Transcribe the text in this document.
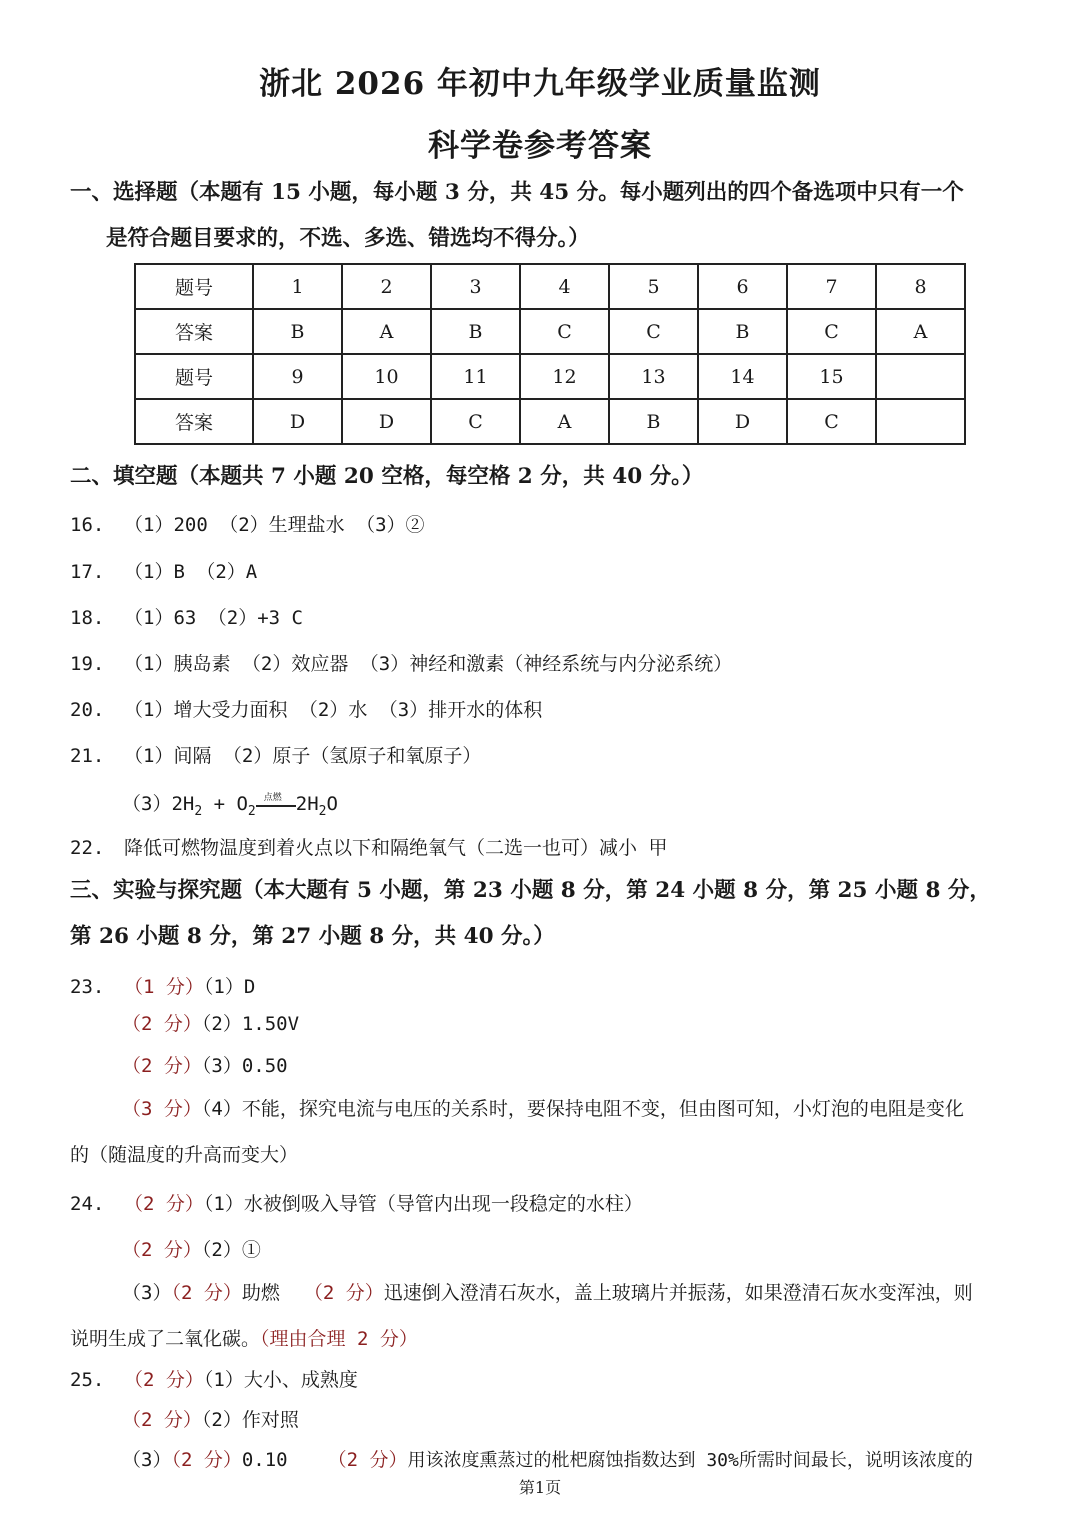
浙北 2026 年初中九年级学业质量监测
科学卷参考答案
一、选择题（本题有 15 小题，每小题 3 分，共 45 分。每小题列出的四个备选项中只有一个
是符合题目要求的，不选、多选、错选均不得分。）
题号	1	2	3	4	5	6	7	8
答案	B	A	B	C	C	B	C	A
题号	9	10	11	12	13	14	15	
答案	D	D	C	A	B	D	C	
二、填空题（本题共 7 小题 20 空格，每空格 2 分，共 40 分。）
16. （1）200 （2）生理盐水 （3）②
17. （1）B （2）A
18. （1）63 （2）+3 C
19. （1）胰岛素 （2）效应器 （3）神经和激素（神经系统与内分泌系统）
20. （1）增大受力面积 （2）水 （3）排开水的体积
21. （1）间隔 （2）原子（氢原子和氧原子）
$(3)2H_2 + O_2$
点燃 $2H_2O$
22. 降低可燃物温度到着火点以下和隔绝氧气（二选一也可）减小 甲
三、实验与探究题（本大题有 5 小题，第 23 小题 8 分，第 24 小题 8 分，第 25 小题 8 分，
第 26 小题 8 分，第 27 小题 8 分，共 40 分。）
23. （1 分）（1）D
（2 分）（2）1.50V
（2 分）（3）0.50
（3 分）（4）不能，探究电流与电压的关系时，要保持电阻不变，但由图可知，小灯泡的电阻是变化
的（随温度的升高而变大）
24. （2 分）（1）水被倒吸入导管（导管内出现一段稳定的水柱）
（2 分）（2）①
（3）（2 分）助燃 （2 分）迅速倒入澄清石灰水，盖上玻璃片并振荡，如果澄清石灰水变浑浊，则
说明生成了二氧化碳。（理由合理 2 分）
25. （2 分）（1）大小、成熟度
（2 分）（2）作对照
（3）（2 分）0.10 （2 分）用该浓度熏蒸过的枇杷腐蚀指数达到 30%所需时间最长，说明该浓度的
第1页
